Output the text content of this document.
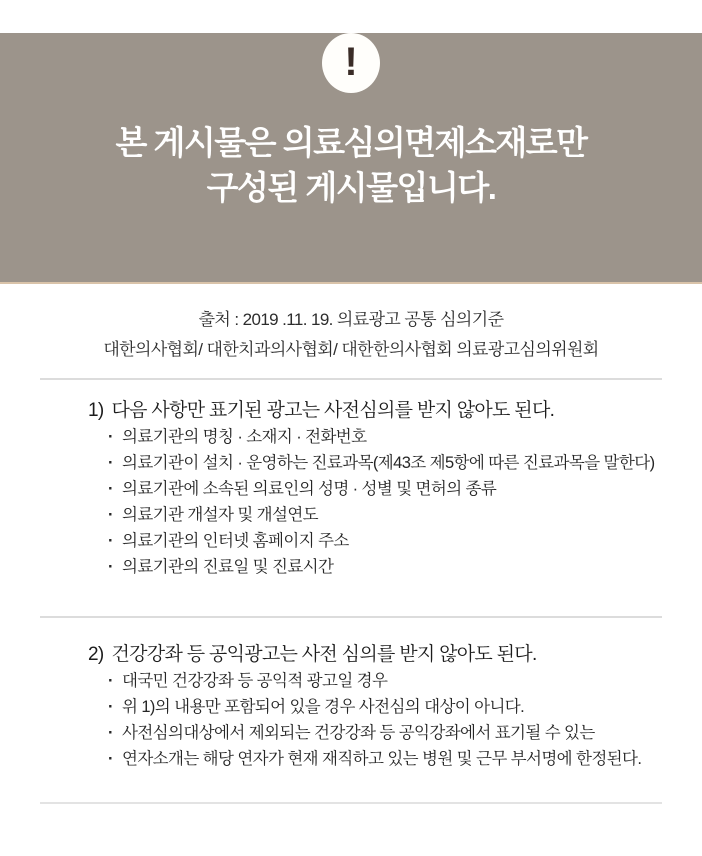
!
본 게시물은 의료심의면제소재로만
구성된 게시물입니다.
출처 : 2019 .11. 19. 의료광고 공통 심의기준
대한의사협회/ 대한치과의사협회/ 대한한의사협회 의료광고심의위원회
1) 다음 사항만 표기된 광고는 사전심의를 받지 않아도 된다.
· 의료기관의 명칭 · 소재지 · 전화번호
· 의료기관이 설치 · 운영하는 진료과목(제43조 제5항에 따른 진료과목을 말한다)
· 의료기관에 소속된 의료인의 성명 · 성별 및 면허의 종류
· 의료기관 개설자 및 개설연도
· 의료기관의 인터넷 홈페이지 주소
· 의료기관의 진료일 및 진료시간
2) 건강강좌 등 공익광고는 사전 심의를 받지 않아도 된다.
· 대국민 건강강좌 등 공익적 광고일 경우
· 위 1)의 내용만 포함되어 있을 경우 사전심의 대상이 아니다.
· 사전심의대상에서 제외되는 건강강좌 등 공익강좌에서 표기될 수 있는
· 연자소개는 해당 연자가 현재 재직하고 있는 병원 및 근무 부서명에 한정된다.
